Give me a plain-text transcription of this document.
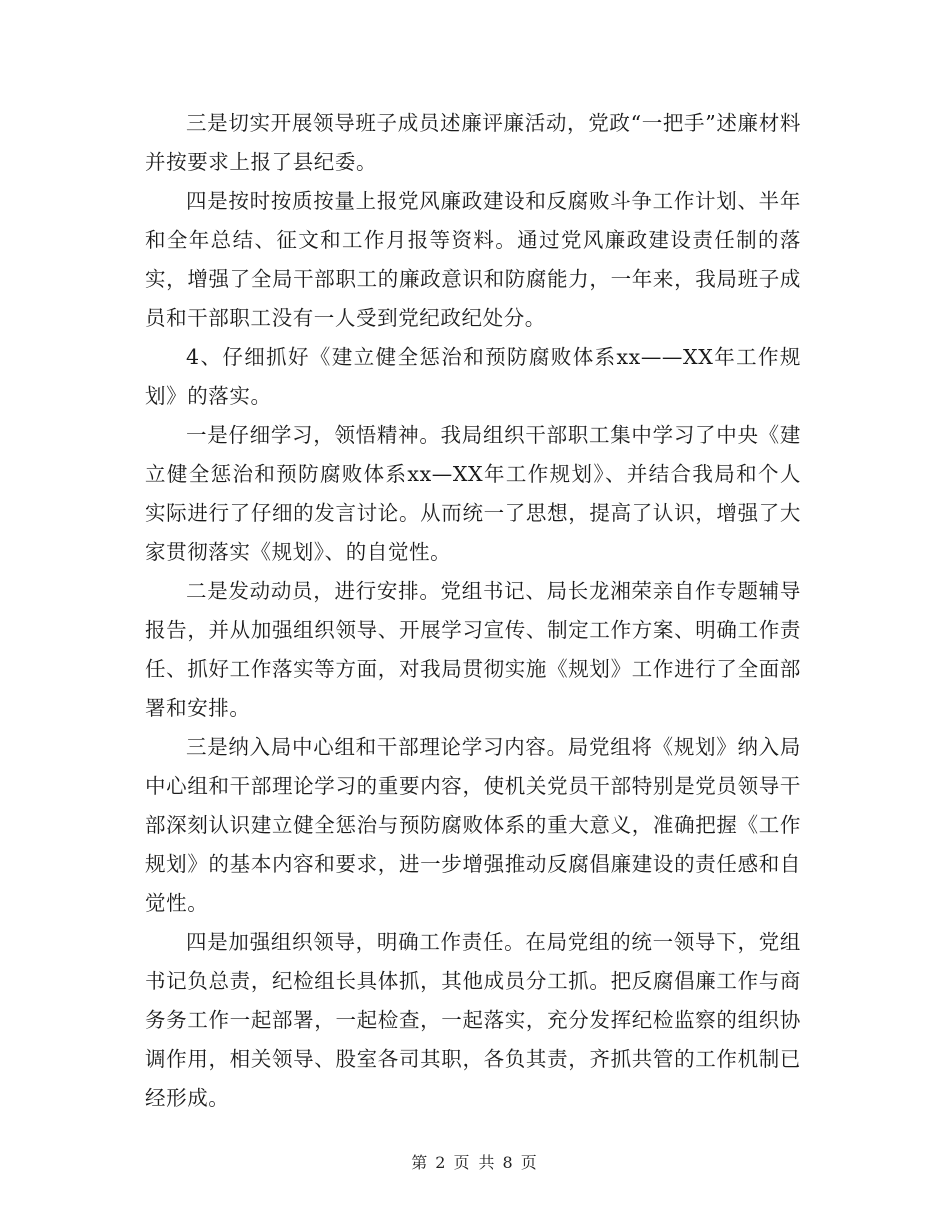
三是切实开展领导班子成员述廉评廉活动，党政“一把手”述廉材料并按要求上报了县纪委。

四是按时按质按量上报党风廉政建设和反腐败斗争工作计划、半年和全年总结、征文和工作月报等资料。通过党风廉政建设责任制的落实，增强了全局干部职工的廉政意识和防腐能力，一年来，我局班子成员和干部职工没有一人受到党纪政纪处分。

4、仔细抓好《建立健全惩治和预防腐败体系xx——XX年工作规划》的落实。

一是仔细学习，领悟精神。我局组织干部职工集中学习了中央《建立健全惩治和预防腐败体系xx—XX年工作规划》、并结合我局和个人实际进行了仔细的发言讨论。从而统一了思想，提高了认识，增强了大家贯彻落实《规划》、的自觉性。

二是发动动员，进行安排。党组书记、局长龙湘荣亲自作专题辅导报告，并从加强组织领导、开展学习宣传、制定工作方案、明确工作责任、抓好工作落实等方面，对我局贯彻实施《规划》工作进行了全面部署和安排。

三是纳入局中心组和干部理论学习内容。局党组将《规划》纳入局中心组和干部理论学习的重要内容，使机关党员干部特别是党员领导干部深刻认识建立健全惩治与预防腐败体系的重大意义，准确把握《工作规划》的基本内容和要求，进一步增强推动反腐倡廉建设的责任感和自觉性。

四是加强组织领导，明确工作责任。在局党组的统一领导下，党组书记负总责，纪检组长具体抓，其他成员分工抓。把反腐倡廉工作与商务务工作一起部署，一起检查，一起落实，充分发挥纪检监察的组织协调作用，相关领导、股室各司其职，各负其责，齐抓共管的工作机制已经形成。

第 2 页 共 8 页
